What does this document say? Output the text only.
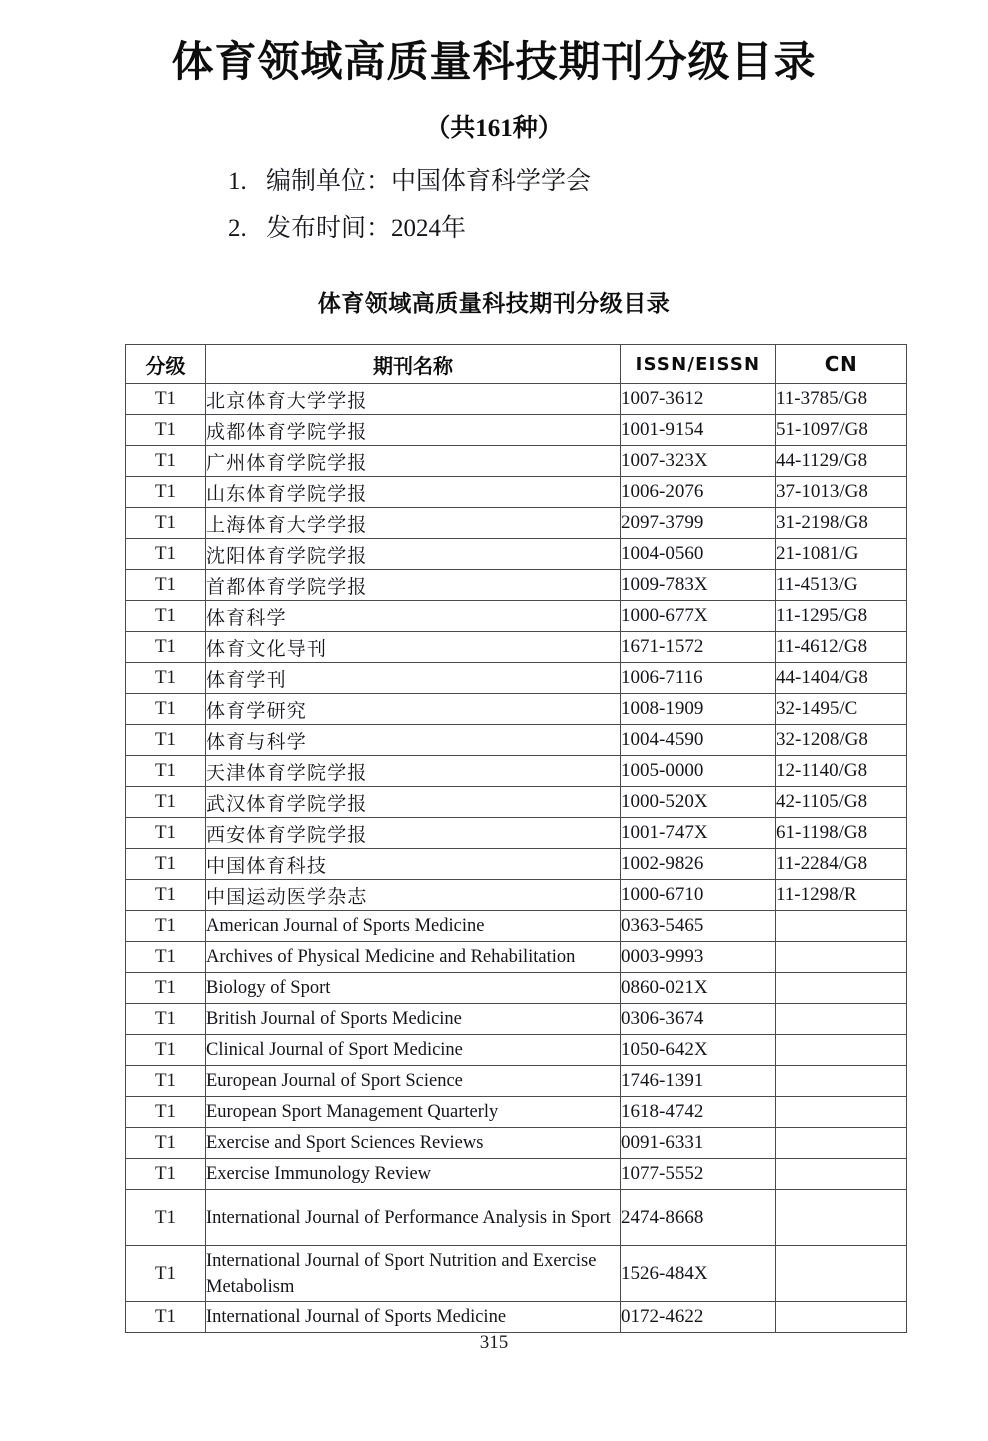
体育领域高质量科技期刊分级目录
（共161种）
1. 编制单位：中国体育科学学会
2. 发布时间：2024年
体育领域高质量科技期刊分级目录
分级	期刊名称	ISSN/EISSN	CN
T1	北京体育大学学报	1007-3612	11-3785/G8
T1	成都体育学院学报	1001-9154	51-1097/G8
T1	广州体育学院学报	1007-323X	44-1129/G8
T1	山东体育学院学报	1006-2076	37-1013/G8
T1	上海体育大学学报	2097-3799	31-2198/G8
T1	沈阳体育学院学报	1004-0560	21-1081/G
T1	首都体育学院学报	1009-783X	11-4513/G
T1	体育科学	1000-677X	11-1295/G8
T1	体育文化导刊	1671-1572	11-4612/G8
T1	体育学刊	1006-7116	44-1404/G8
T1	体育学研究	1008-1909	32-1495/C
T1	体育与科学	1004-4590	32-1208/G8
T1	天津体育学院学报	1005-0000	12-1140/G8
T1	武汉体育学院学报	1000-520X	42-1105/G8
T1	西安体育学院学报	1001-747X	61-1198/G8
T1	中国体育科技	1002-9826	11-2284/G8
T1	中国运动医学杂志	1000-6710	11-1298/R
T1	American Journal of Sports Medicine	0363-5465	
T1	Archives of Physical Medicine and Rehabilitation	0003-9993	
T1	Biology of Sport	0860-021X	
T1	British Journal of Sports Medicine	0306-3674	
T1	Clinical Journal of Sport Medicine	1050-642X	
T1	European Journal of Sport Science	1746-1391	
T1	European Sport Management Quarterly	1618-4742	
T1	Exercise and Sport Sciences Reviews	0091-6331	
T1	Exercise Immunology Review	1077-5552	
T1	International Journal of Performance Analysis in Sport	2474-8668	
T1	International Journal of Sport Nutrition and Exercise Metabolism	1526-484X	
T1	International Journal of Sports Medicine	0172-4622	
315
